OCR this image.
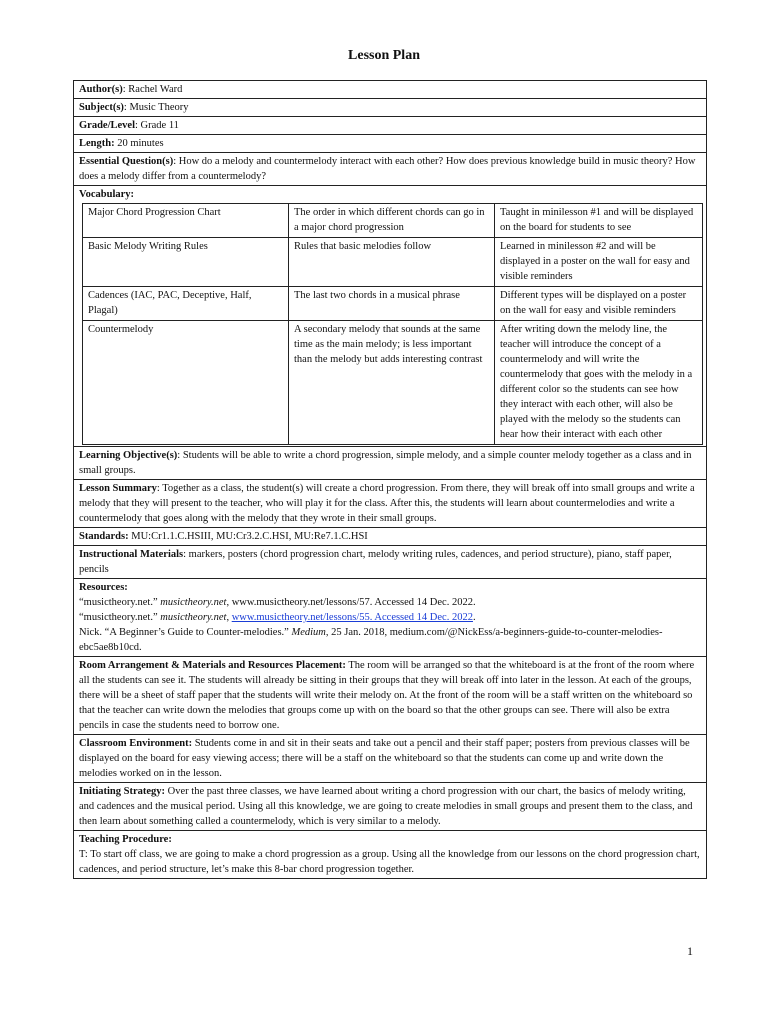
Lesson Plan
Author(s): Rachel Ward
Subject(s): Music Theory
Grade/Level: Grade 11
Length: 20 minutes
Essential Question(s): How do a melody and countermelody interact with each other? How does previous knowledge build in music theory? How does a melody differ from a countermelody?
Vocabulary:
Major Chord Progression Chart	The order in which different chords can go in a major chord progression	Taught in minilesson #1 and will be displayed on the board for students to see
Basic Melody Writing Rules	Rules that basic melodies follow	Learned in minilesson #2 and will be displayed in a poster on the wall for easy and visible reminders
Cadences (IAC, PAC, Deceptive, Half, Plagal)	The last two chords in a musical phrase	Different types will be displayed on a poster on the wall for easy and visible reminders
Countermelody	A secondary melody that sounds at the same time as the main melody; is less important than the melody but adds interesting contrast	After writing down the melody line, the teacher will introduce the concept of a countermelody and will write the countermelody that goes with the melody in a different color so the students can see how they interact with each other, will also be played with the melody so the students can hear how their interact with each other
Learning Objective(s): Students will be able to write a chord progression, simple melody, and a simple counter melody together as a class and in small groups.
Lesson Summary: Together as a class, the student(s) will create a chord progression. From there, they will break off into small groups and write a melody that they will present to the teacher, who will play it for the class. After this, the students will learn about countermelodies and write a countermelody that goes along with the melody that they wrote in their small groups.
Standards: MU:Cr1.1.C.HSIII, MU:Cr3.2.C.HSI, MU:Re7.1.C.HSI
Instructional Materials: markers, posters (chord progression chart, melody writing rules, cadences, and period structure), piano, staff paper, pencils
Resources:
“musictheory.net.” musictheory.net, www.musictheory.net/lessons/57. Accessed 14 Dec. 2022.
“musictheory.net.” musictheory.net, www.musictheory.net/lessons/55. Accessed 14 Dec. 2022.
Nick. “A Beginner’s Guide to Counter-melodies.” Medium, 25 Jan. 2018, medium.com/@NickEss/a-beginners-guide-to-counter-melodies-ebc5ae8b10cd.
Room Arrangement & Materials and Resources Placement: The room will be arranged so that the whiteboard is at the front of the room where all the students can see it. The students will already be sitting in their groups that they will break off into later in the lesson. At each of the groups, there will be a sheet of staff paper that the students will write their melody on. At the front of the room will be a staff written on the whiteboard so that the teacher can write down the melodies that groups come up with on the board so that the other groups can see. There will also be extra pencils in case the students need to borrow one.
Classroom Environment: Students come in and sit in their seats and take out a pencil and their staff paper; posters from previous classes will be displayed on the board for easy viewing access; there will be a staff on the whiteboard so that the students can come up and write down the melodies worked on in the lesson.
Initiating Strategy: Over the past three classes, we have learned about writing a chord progression with our chart, the basics of melody writing, and cadences and the musical period. Using all this knowledge, we are going to create melodies in small groups and present them to the class, and then learn about something called a countermelody, which is very similar to a melody.
Teaching Procedure:
T: To start off class, we are going to make a chord progression as a group. Using all the knowledge from our lessons on the chord progression chart, cadences, and period structure, let’s make this 8-bar chord progression together.
1
